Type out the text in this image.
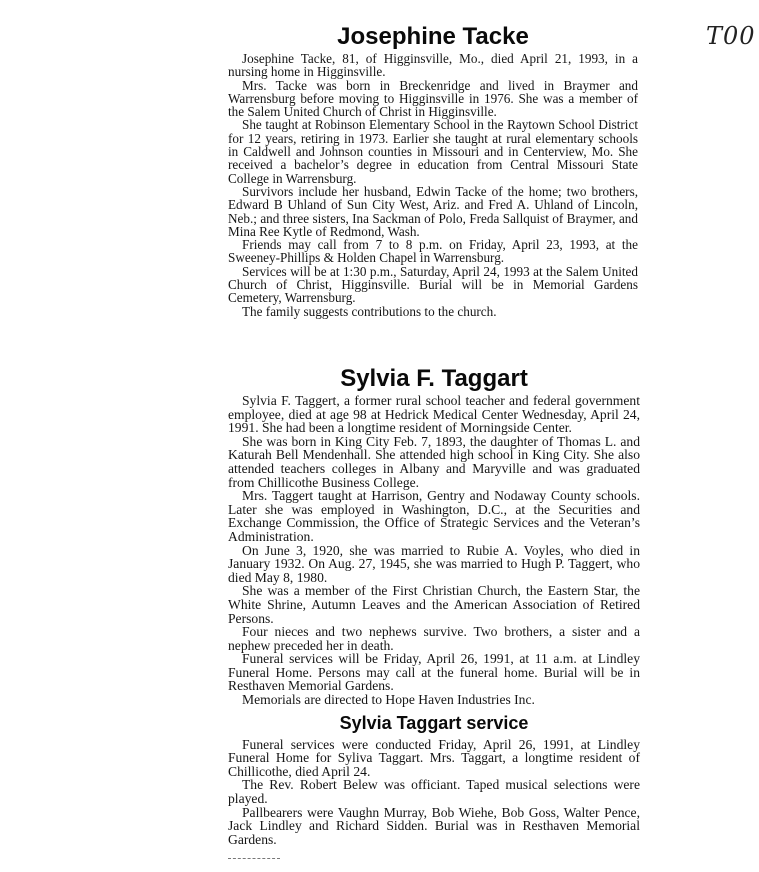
T00
Josephine Tacke

Josephine Tacke, 81, of Higginsville, Mo., died April 21, 1993, in a nursing home in Higginsville.

Mrs. Tacke was born in Breckenridge and lived in Braymer and Warrensburg before moving to Higginsville in 1976. She was a member of the Salem United Church of Christ in Higginsville.

She taught at Robinson Elementary School in the Raytown School District for 12 years, retiring in 1973. Earlier she taught at rural elementary schools in Caldwell and Johnson counties in Missouri and in Centerview, Mo. She received a bachelor’s degree in education from Central Missouri State College in Warrensburg.

Survivors include her husband, Edwin Tacke of the home; two brothers, Edward B Uhland of Sun City West, Ariz. and Fred A. Uhland of Lincoln, Neb.; and three sisters, Ina Sackman of Polo, Freda Sallquist of Braymer, and Mina Ree Kytle of Redmond, Wash.

Friends may call from 7 to 8 p.m. on Friday, April 23, 1993, at the Sweeney-Phillips & Holden Chapel in Warrensburg.

Services will be at 1:30 p.m., Saturday, April 24, 1993 at the Salem United Church of Christ, Higginsville. Burial will be in Memorial Gardens Cemetery, Warrensburg.

The family suggests contributions to the church.

Sylvia F. Taggart

Sylvia F. Taggert, a former rural school teacher and federal government employee, died at age 98 at Hedrick Medical Center Wednesday, April 24, 1991. She had been a longtime resident of Morningside Center.

She was born in King City Feb. 7, 1893, the daughter of Thomas L. and Katurah Bell Mendenhall. She attended high school in King City. She also attended teachers colleges in Albany and Maryville and was graduated from Chillicothe Business College.

Mrs. Taggert taught at Harrison, Gentry and Nodaway County schools. Later she was employed in Washington, D.C., at the Securities and Exchange Commission, the Office of Strategic Services and the Veteran’s Administration.

On June 3, 1920, she was married to Rubie A. Voyles, who died in January 1932. On Aug. 27, 1945, she was married to Hugh P. Taggert, who died May 8, 1980.

She was a member of the First Christian Church, the Eastern Star, the White Shrine, Autumn Leaves and the American Association of Retired Persons.

Four nieces and two nephews survive. Two brothers, a sister and a nephew preceded her in death.

Funeral services will be Friday, April 26, 1991, at 11 a.m. at Lindley Funeral Home. Persons may call at the funeral home. Burial will be in Resthaven Memorial Gardens.

Memorials are directed to Hope Haven Industries Inc.

Sylvia Taggart service

Funeral services were conducted Friday, April 26, 1991, at Lindley Funeral Home for Syliva Taggart. Mrs. Taggart, a longtime resident of Chillicothe, died April 24.

The Rev. Robert Belew was officiant. Taped musical selections were played.

Pallbearers were Vaughn Murray, Bob Wiehe, Bob Goss, Walter Pence, Jack Lindley and Richard Sidden. Burial was in Resthaven Memorial Gardens.
